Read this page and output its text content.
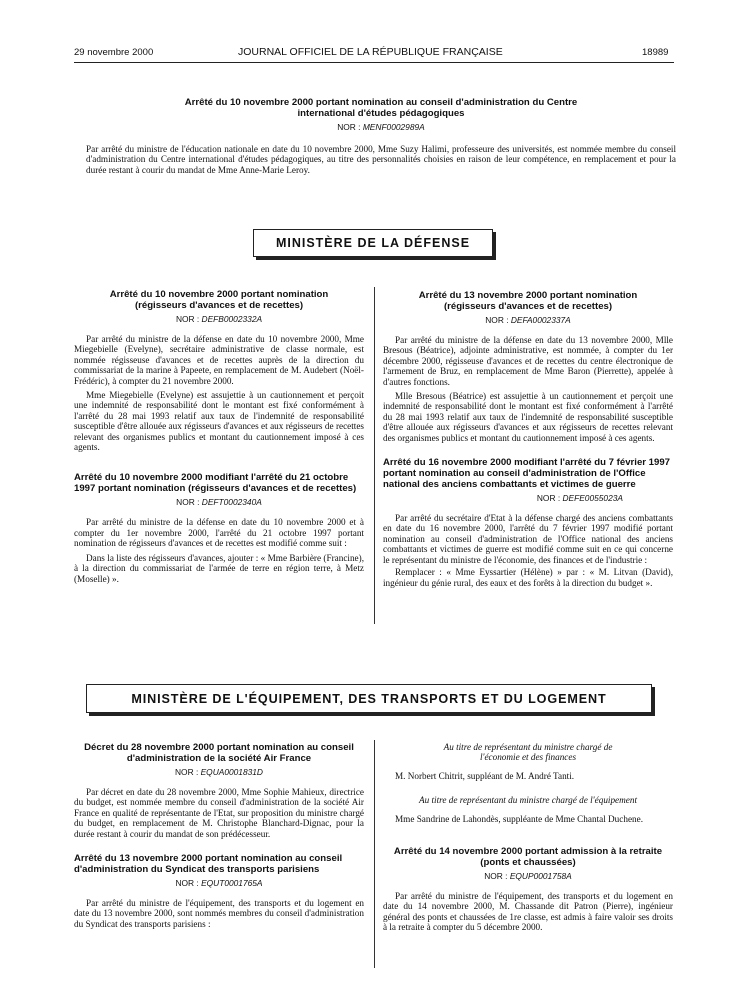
29 novembre 2000	JOURNAL OFFICIEL DE LA RÉPUBLIQUE FRANÇAISE	18989
Arrêté du 10 novembre 2000 portant nomination au conseil d'administration du Centre international d'études pédagogiques
NOR : MENF0002989A

Par arrêté du ministre de l'éducation nationale en date du 10 novembre 2000, Mme Suzy Halimi, professeure des universités, est nommée membre du conseil d'administration du Centre international d'études pédagogiques, au titre des personnalités choisies en raison de leur compétence, en remplacement et pour la durée restant à courir du mandat de Mme Anne-Marie Leroy.

MINISTÈRE DE LA DÉFENSE
Arrêté du 10 novembre 2000 portant nomination (régisseurs d'avances et de recettes)
NOR : DEFB0002332A

Par arrêté du ministre de la défense en date du 10 novembre 2000, Mme Miegebielle (Evelyne), secrétaire administrative de classe normale, est nommée régisseuse d'avances et de recettes auprès de la direction du commissariat de la marine à Papeete, en remplacement de M. Audebert (Noël-Frédéric), à compter du 21 novembre 2000.

Mme Miegebielle (Evelyne) est assujettie à un cautionnement et perçoit une indemnité de responsabilité dont le montant est fixé conformément à l'arrêté du 28 mai 1993 relatif aux taux de l'indemnité de responsabilité susceptible d'être allouée aux régisseurs d'avances et aux régisseurs de recettes relevant des organismes publics et montant du cautionnement imposé à ces agents.

Arrêté du 10 novembre 2000 modifiant l'arrêté du 21 octobre 1997 portant nomination (régisseurs d'avances et de recettes)
NOR : DEFT0002340A

Par arrêté du ministre de la défense en date du 10 novembre 2000 et à compter du 1er novembre 2000, l'arrêté du 21 octobre 1997 portant nomination de régisseurs d'avances et de recettes est modifié comme suit :

Dans la liste des régisseurs d'avances, ajouter : « Mme Barbière (Francine), à la direction du commissariat de l'armée de terre en région terre, à Metz (Moselle) ».

Arrêté du 13 novembre 2000 portant nomination (régisseurs d'avances et de recettes)
NOR : DEFA0002337A

Par arrêté du ministre de la défense en date du 13 novembre 2000, Mlle Bresous (Béatrice), adjointe administrative, est nommée, à compter du 1er décembre 2000, régisseuse d'avances et de recettes du centre électronique de l'armement de Bruz, en remplacement de Mme Baron (Pierrette), appelée à d'autres fonctions.

Mlle Bresous (Béatrice) est assujettie à un cautionnement et perçoit une indemnité de responsabilité dont le montant est fixé conformément à l'arrêté du 28 mai 1993 relatif aux taux de l'indemnité de responsabilité susceptible d'être allouée aux régisseurs d'avances et aux régisseurs de recettes relevant des organismes publics et montant du cautionnement imposé à ces agents.

Arrêté du 16 novembre 2000 modifiant l'arrêté du 7 février 1997 portant nomination au conseil d'administration de l'Office national des anciens combattants et victimes de guerre
NOR : DEFE0055023A

Par arrêté du secrétaire d'Etat à la défense chargé des anciens combattants en date du 16 novembre 2000, l'arrêté du 7 février 1997 modifié portant nomination au conseil d'administration de l'Office national des anciens combattants et victimes de guerre est modifié comme suit en ce qui concerne le représentant du ministre de l'économie, des finances et de l'industrie :

Remplacer : « Mme Eyssartier (Hélène) » par : « M. Litvan (David), ingénieur du génie rural, des eaux et des forêts à la direction du budget ».

MINISTÈRE DE L'ÉQUIPEMENT, DES TRANSPORTS ET DU LOGEMENT
Décret du 28 novembre 2000 portant nomination au conseil d'administration de la société Air France
NOR : EQUA0001831D

Par décret en date du 28 novembre 2000, Mme Sophie Mahieux, directrice du budget, est nommée membre du conseil d'administration de la société Air France en qualité de représentante de l'Etat, sur proposition du ministre chargé du budget, en remplacement de M. Christophe Blanchard-Dignac, pour la durée restant à courir du mandat de son prédécesseur.

Arrêté du 13 novembre 2000 portant nomination au conseil d'administration du Syndicat des transports parisiens
NOR : EQUT0001765A

Par arrêté du ministre de l'équipement, des transports et du logement en date du 13 novembre 2000, sont nommés membres du conseil d'administration du Syndicat des transports parisiens :

Au titre de représentant du ministre chargé de l'économie et des finances

M. Norbert Chitrit, suppléant de M. André Tanti.

Au titre de représentant du ministre chargé de l'équipement

Mme Sandrine de Lahondès, suppléante de Mme Chantal Duchene.

Arrêté du 14 novembre 2000 portant admission à la retraite (ponts et chaussées)
NOR : EQUP0001758A

Par arrêté du ministre de l'équipement, des transports et du logement en date du 14 novembre 2000, M. Chassande dit Patron (Pierre), ingénieur général des ponts et chaussées de 1re classe, est admis à faire valoir ses droits à la retraite à compter du 5 décembre 2000.
